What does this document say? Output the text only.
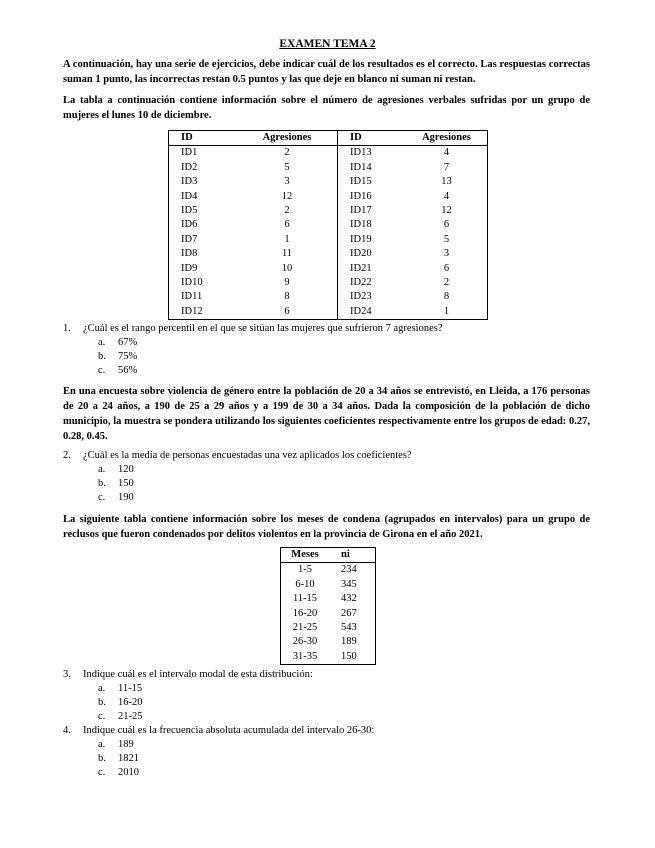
EXAMEN TEMA 2

A continuación, hay una serie de ejercicios, debe indicar cuál de los resultados es el correcto. Las respuestas correctas suman 1 punto, las incorrectas restan 0.5 puntos y las que deje en blanco ni suman ni restan.

La tabla a continuación contiene información sobre el número de agresiones verbales sufridas por un grupo de mujeres el lunes 10 de diciembre.

ID	Agresiones	ID	Agresiones
ID1	2	ID13	4
ID2	5	ID14	7
ID3	3	ID15	13
ID4	12	ID16	4
ID5	2	ID17	12
ID6	6	ID18	6
ID7	1	ID19	5
ID8	11	ID20	3
ID9	10	ID21	6
ID10	9	ID22	2
ID11	8	ID23	8
ID12	6	ID24	1
1. ¿Cuál es el rango percentil en el que se sitúan las mujeres que sufrieron 7 agresiones?
a. 67%
b. 75%
c. 56%

En una encuesta sobre violencia de género entre la población de 20 a 34 años se entrevistó, en Lleida, a 176 personas de 20 a 24 años, a 190 de 25 a 29 años y a 199 de 30 a 34 años. Dada la composición de la población de dicho municipio, la muestra se pondera utilizando los siguientes coeficientes respectivamente entre los grupos de edad: 0.27, 0.28, 0.45.

2. ¿Cuál es la media de personas encuestadas una vez aplicados los coeficientes?
a. 120
b. 150
c. 190

La siguiente tabla contiene información sobre los meses de condena (agrupados en intervalos) para un grupo de reclusos que fueron condenados por delitos violentos en la provincia de Girona en el año 2021.

Meses	ni
1-5	234
6-10	345
11-15	432
16-20	267
21-25	543
26-30	189
31-35	150
3. Indique cuál es el intervalo modal de esta distribución:
a. 11-15
b. 16-20
c. 21-25
4. Indique cuál es la frecuencia absoluta acumulada del intervalo 26-30:
a. 189
b. 1821
c. 2010
